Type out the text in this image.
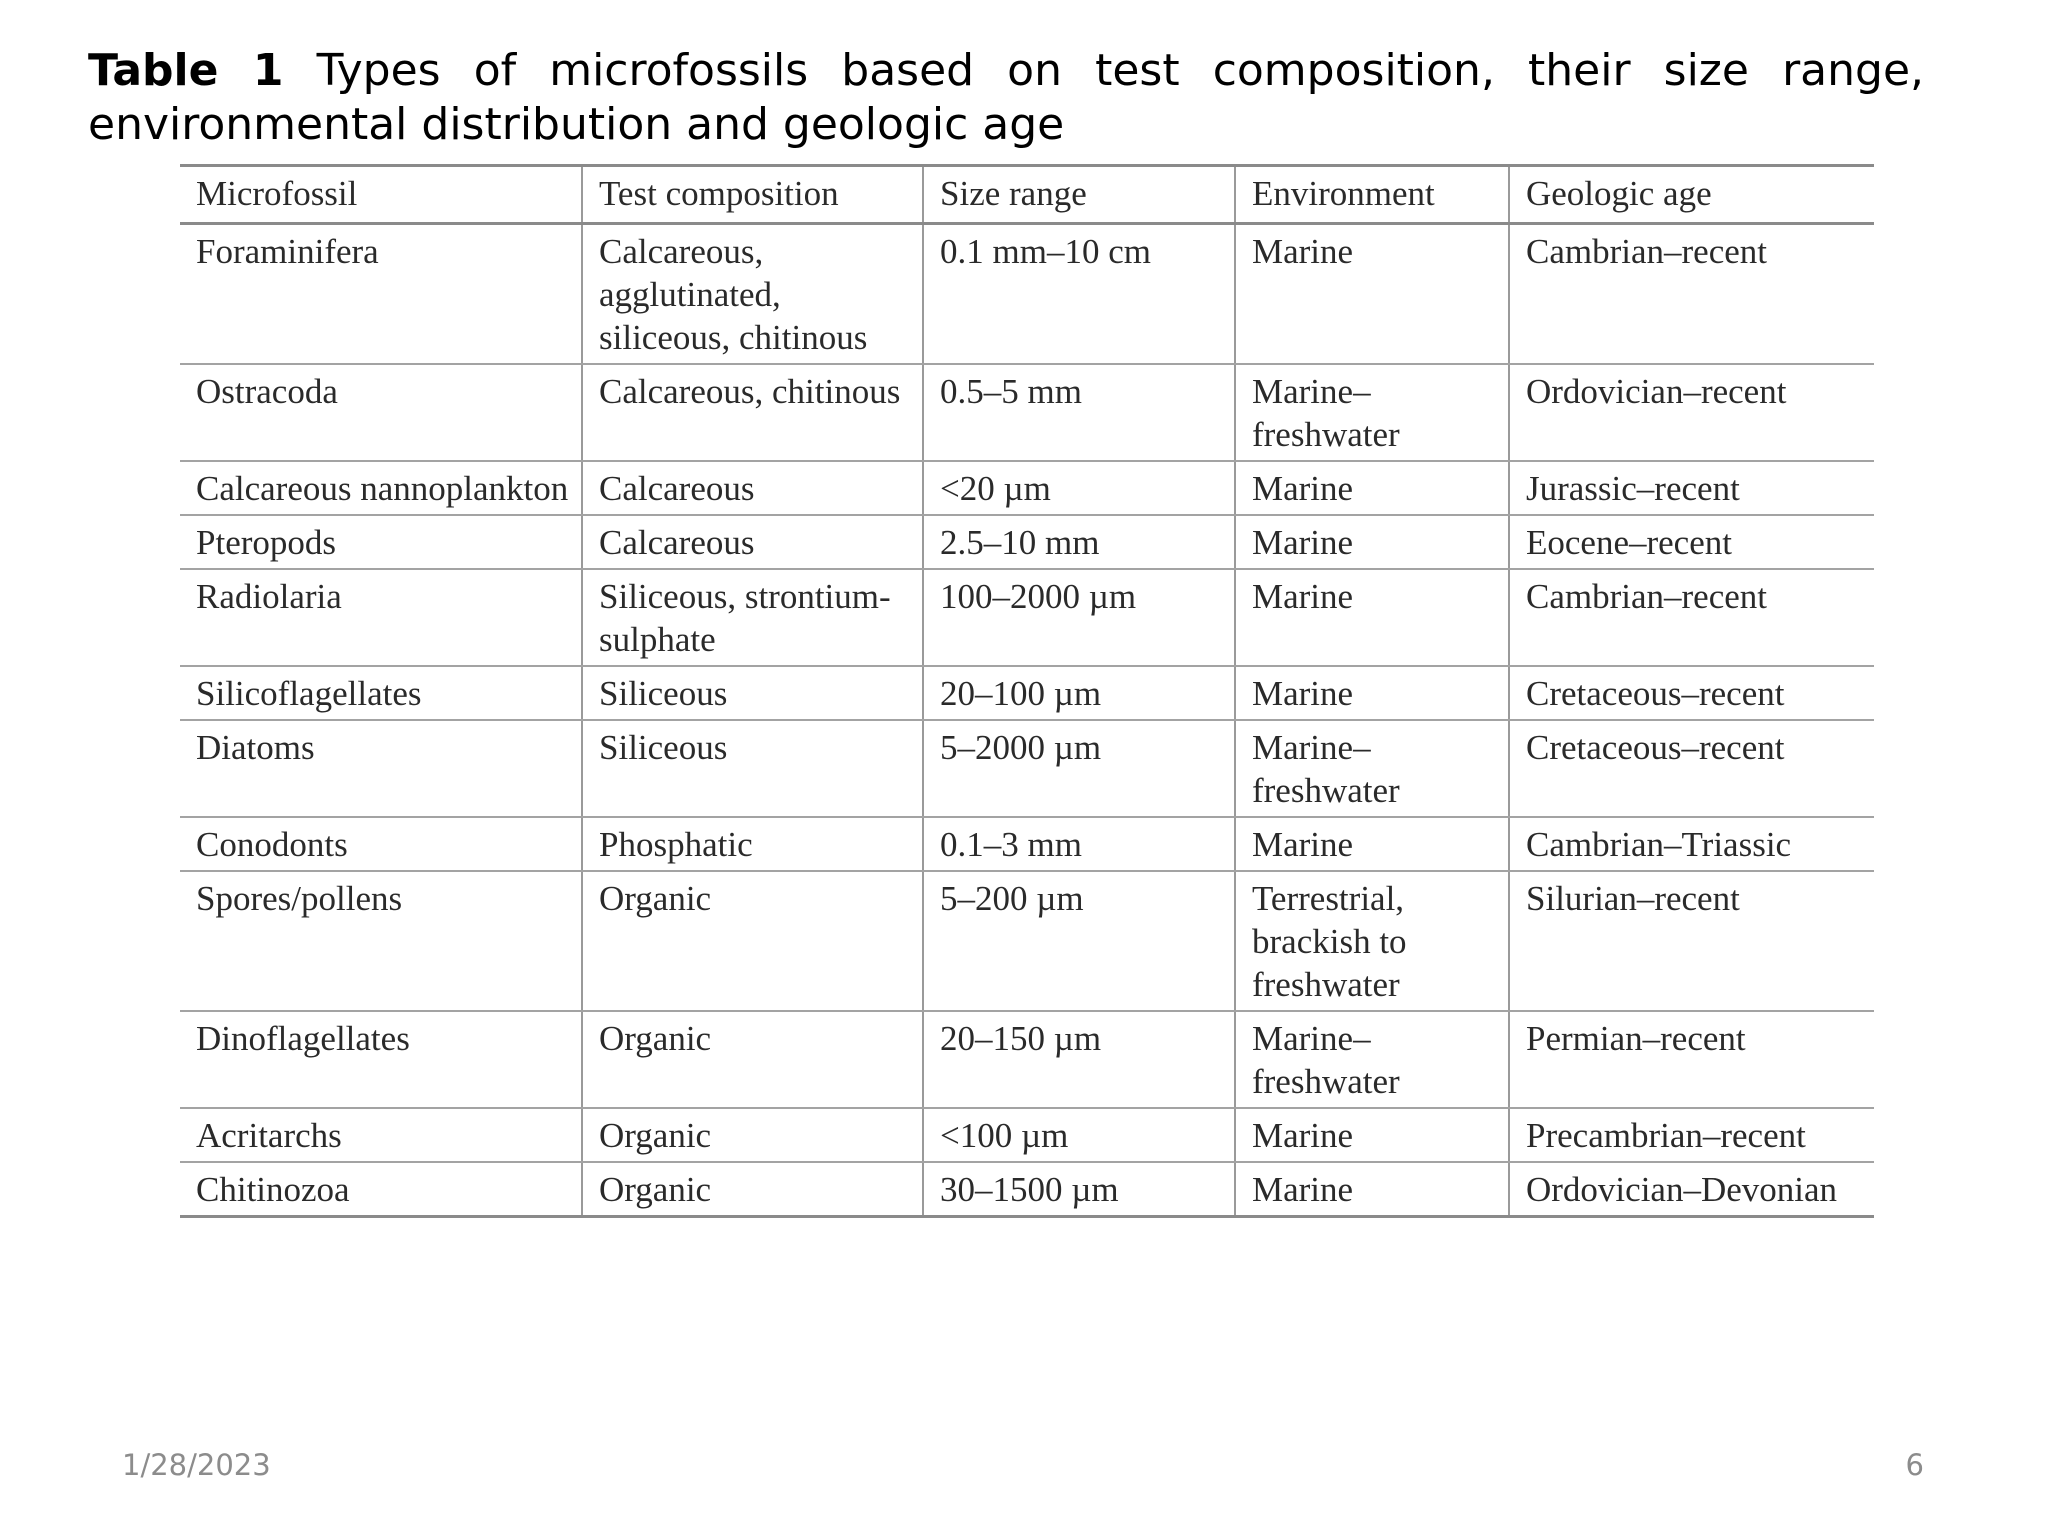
Table 1 Types of microfossils based on test composition, their size range, environmental distribution and geologic age
Microfossil	Test composition	Size range	Environment	Geologic age
Foraminifera	Calcareous, agglutinated, siliceous, chitinous	0.1 mm–10 cm	Marine	Cambrian–recent
Ostracoda	Calcareous, chitinous	0.5–5 mm	Marine–freshwater	Ordovician–recent
Calcareous nannoplankton	Calcareous	<20 µm	Marine	Jurassic–recent
Pteropods	Calcareous	2.5–10 mm	Marine	Eocene–recent
Radiolaria	Siliceous, strontium-sulphate	100–2000 µm	Marine	Cambrian–recent
Silicoflagellates	Siliceous	20–100 µm	Marine	Cretaceous–recent
Diatoms	Siliceous	5–2000 µm	Marine–freshwater	Cretaceous–recent
Conodonts	Phosphatic	0.1–3 mm	Marine	Cambrian–Triassic
Spores/pollens	Organic	5–200 µm	Terrestrial, brackish to freshwater	Silurian–recent
Dinoflagellates	Organic	20–150 µm	Marine–freshwater	Permian–recent
Acritarchs	Organic	<100 µm	Marine	Precambrian–recent
Chitinozoa	Organic	30–1500 µm	Marine	Ordovician–Devonian
1/28/2023	6
